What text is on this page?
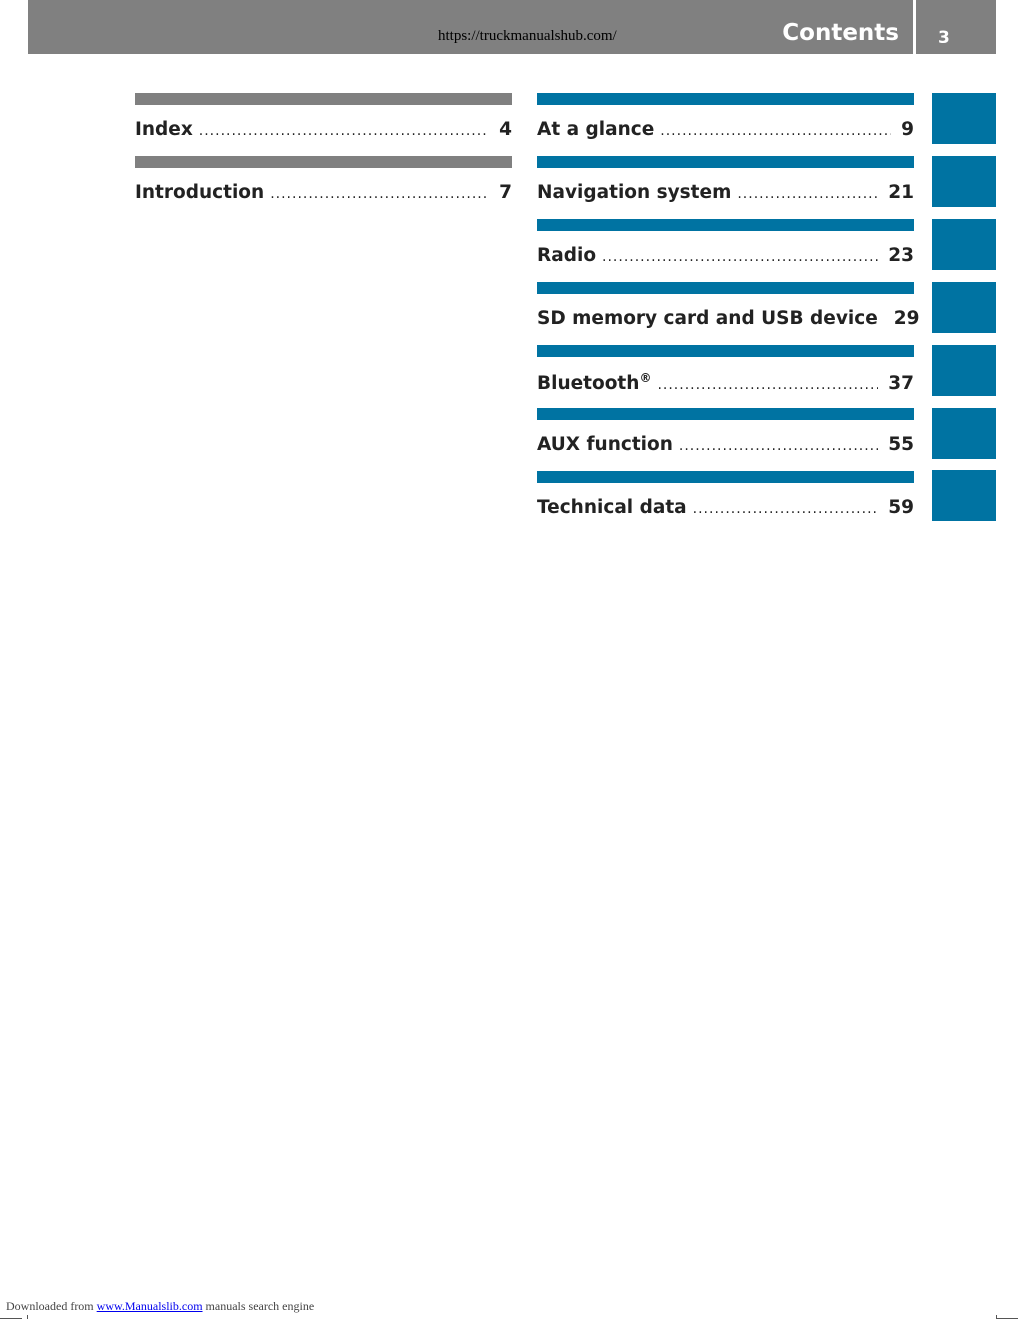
https://truckmanualshub.com/	Contents 3
Index .....	4
Introduction .....	7
At a glance .....	9
Navigation system .....	21
Radio .....	23
SD memory card and USB device 29
Bluetooth® .....	37
AUX function .....	55
Technical data .....	59
Downloaded from www.Manualslib.com manuals search engine
